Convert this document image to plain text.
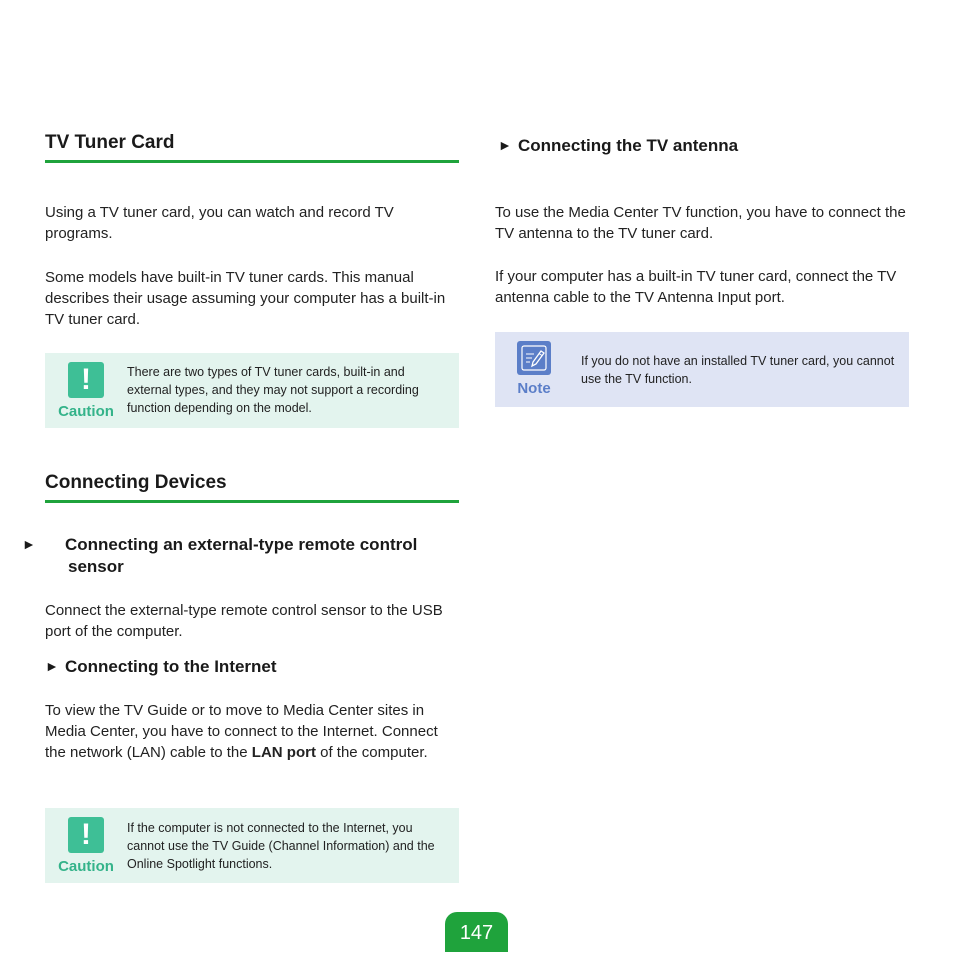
TV Tuner Card
Using a TV tuner card, you can watch and record TV programs.
Some models have built-in TV tuner cards. This manual describes their usage assuming your computer has a built-in TV tuner card.
!
Caution
There are two types of TV tuner cards, built-in and external types, and they may not support a recording function depending on the model.
Connecting Devices
► Connecting an external-type remote control sensor
Connect the external-type remote control sensor to the USB port of the computer.
► Connecting to the Internet
To view the TV Guide or to move to Media Center sites in Media Center, you have to connect to the Internet. Connect the network (LAN) cable to the LAN port of the computer.
!
Caution
If the computer is not connected to the Internet, you cannot use the TV Guide (Channel Information) and the Online Spotlight functions.
► Connecting the TV antenna
To use the Media Center TV function, you have to connect the TV antenna to the TV tuner card.
If your computer has a built-in TV tuner card, connect the TV antenna cable to the TV Antenna Input port.
Note
If you do not have an installed TV tuner card, you cannot use the TV function.
147
